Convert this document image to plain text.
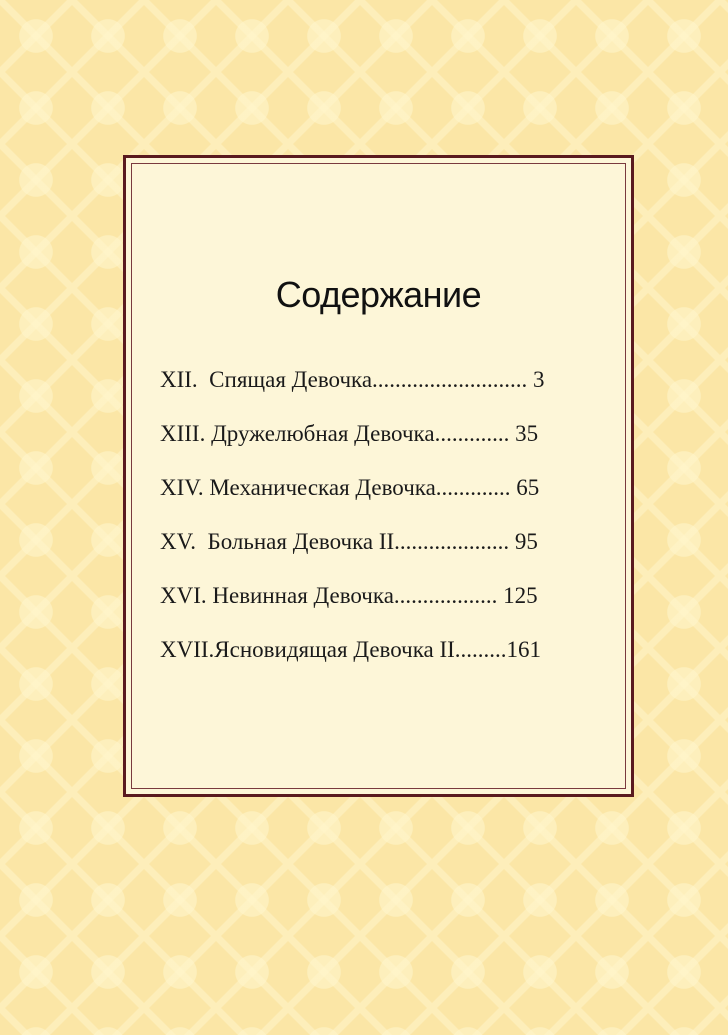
Содержание
XII.  Спящая Девочка........................... 3
XIII. Дружелюбная Девочка............. 35
XIV. Механическая Девочка............. 65
XV.  Больная Девочка II.................... 95
XVI. Невинная Девочка.................. 125
XVII.Ясновидящая Девочка II.........161
